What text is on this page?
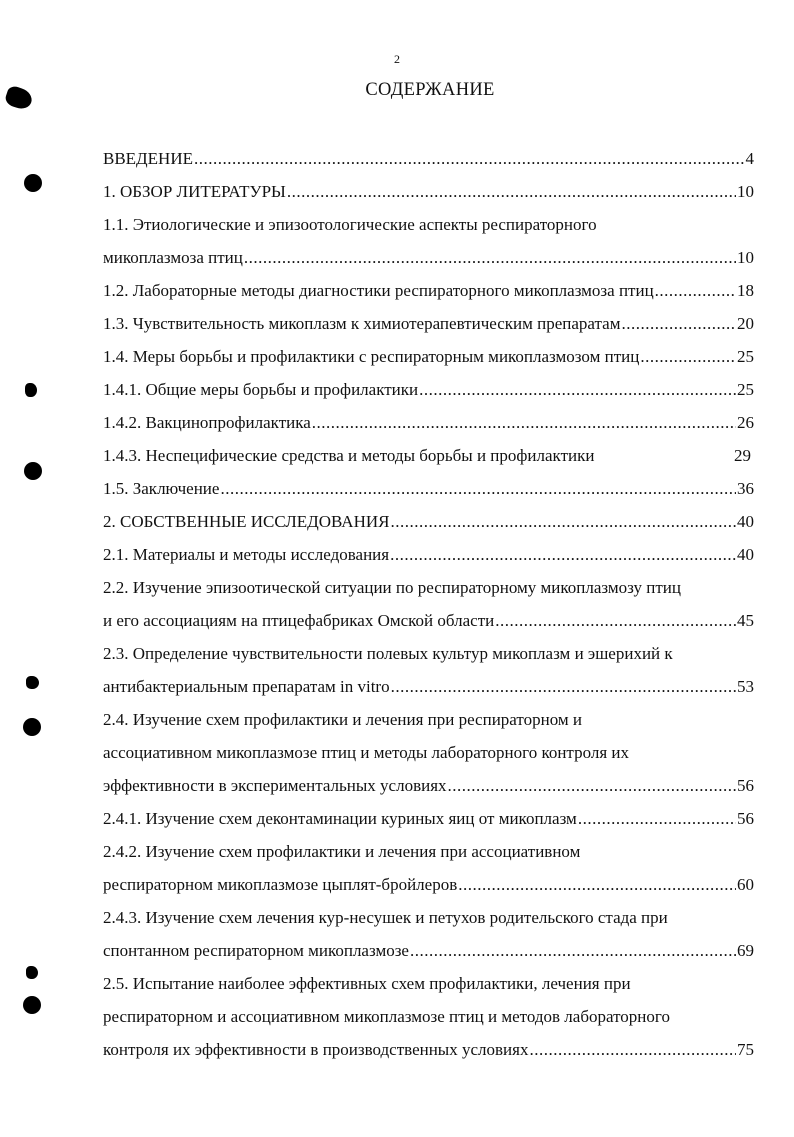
2
СОДЕРЖАНИЕ
ВВЕДЕНИЕ .....	4
1. ОБЗОР ЛИТЕРАТУРЫ .....	10
1.1. Этиологические и эпизоотологические аспекты респираторного
микоплазмоза птиц .....	10
1.2. Лабораторные методы диагностики респираторного микоплазмоза птиц .....	18
1.3. Чувствительность микоплазм к химиотерапевтическим препаратам .....	20
1.4. Меры борьбы и профилактики с респираторным микоплазмозом птиц .....	25
1.4.1. Общие меры борьбы и профилактики .....	25
1.4.2. Вакцинопрофилактика .....	26
1.4.3. Неспецифические средства и методы борьбы и профилактики	29
1.5. Заключение .....	36
2. СОБСТВЕННЫЕ ИССЛЕДОВАНИЯ .....	40
2.1. Материалы и методы исследования .....	40
2.2. Изучение эпизоотической ситуации по респираторному микоплазмозу птиц
и его ассоциациям на птицефабриках Омской области .....	45
2.3. Определение чувствительности полевых культур микоплазм и эшерихий к
антибактериальным препаратам in vitro .....	53
2.4. Изучение схем профилактики и лечения при респираторном и
ассоциативном микоплазмозе птиц и методы лабораторного контроля их
эффективности в экспериментальных условиях .....	56
2.4.1. Изучение схем деконтаминации куриных яиц от микоплазм .....	56
2.4.2. Изучение схем профилактики и лечения при ассоциативном
респираторном микоплазмозе цыплят-бройлеров .....	60
2.4.3. Изучение схем лечения кур-несушек и петухов родительского стада при
спонтанном респираторном микоплазмозе .....	69
2.5. Испытание наиболее эффективных схем профилактики, лечения при
респираторном и ассоциативном микоплазмозе птиц и методов лабораторного
контроля их эффективности в производственных условиях .....	75
